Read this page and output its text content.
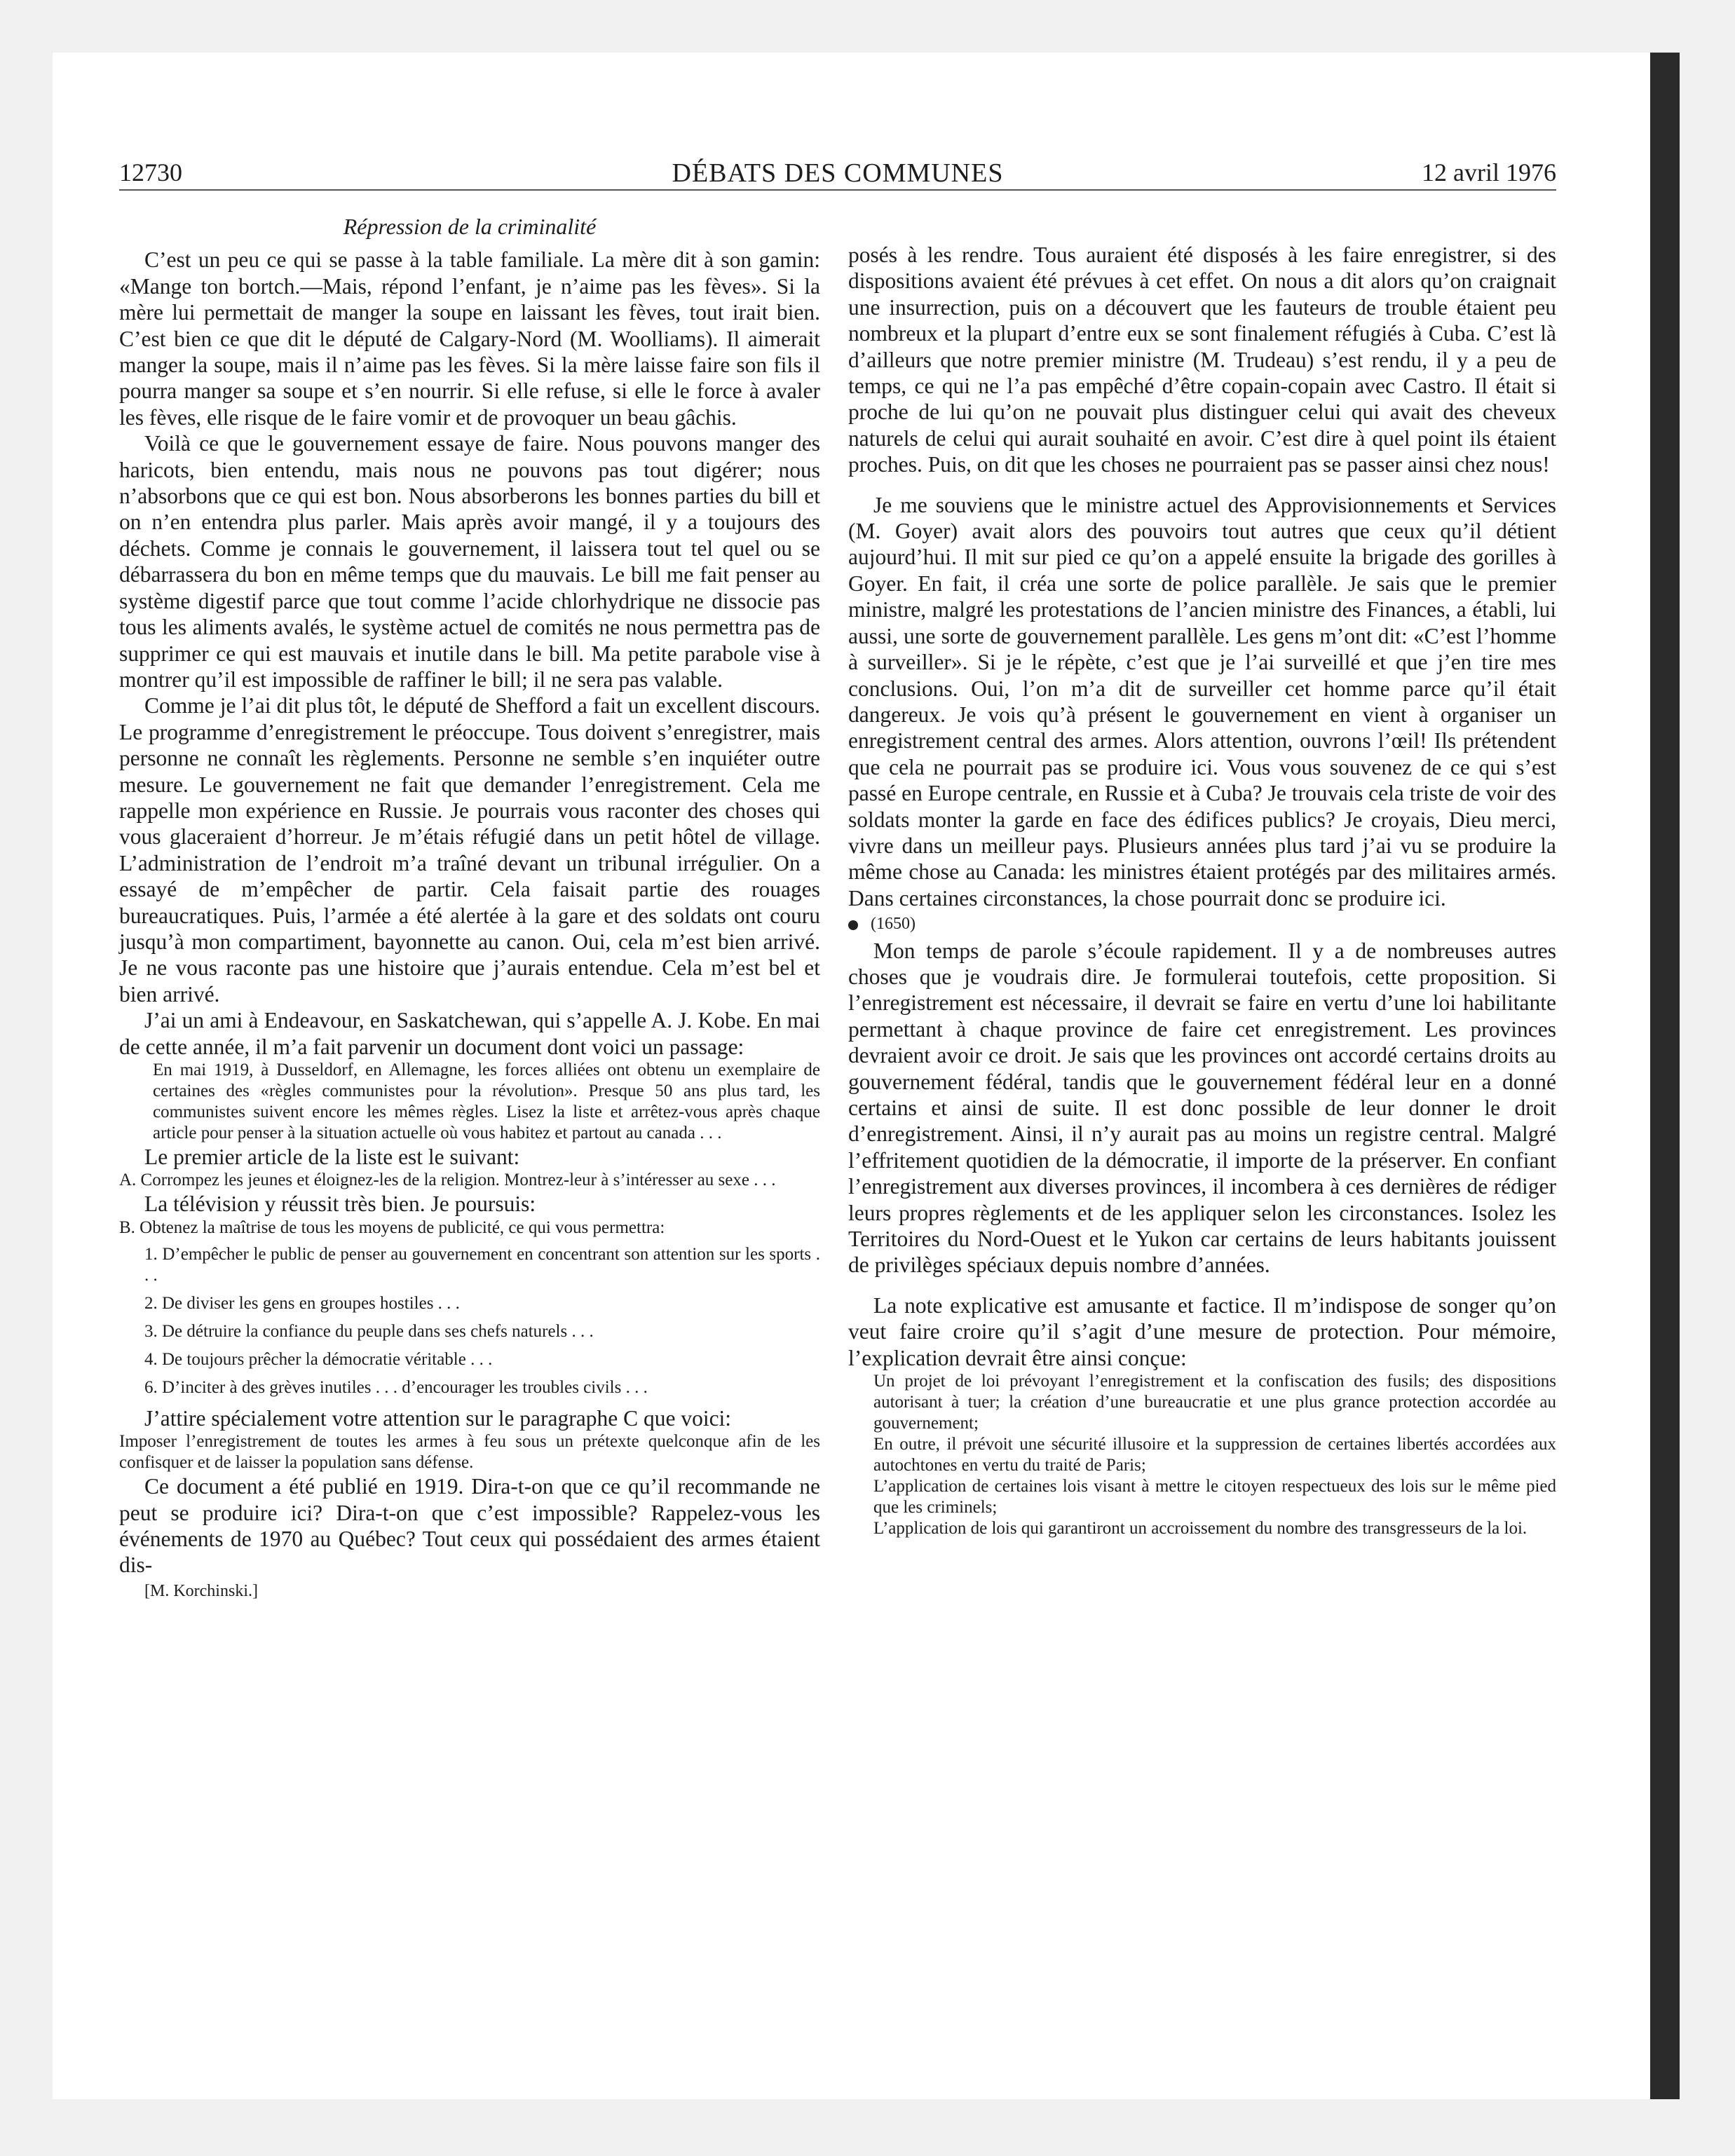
12730	DÉBATS DES COMMUNES	12 avril 1976
Répression de la criminalité

C’est un peu ce qui se passe à la table familiale. La mère dit à son gamin: «Mange ton bortch.—Mais, répond l’enfant, je n’aime pas les fèves». Si la mère lui permettait de manger la soupe en laissant les fèves, tout irait bien. C’est bien ce que dit le député de Calgary-Nord (M. Woolliams). Il aimerait manger la soupe, mais il n’aime pas les fèves. Si la mère laisse faire son fils il pourra manger sa soupe et s’en nourrir. Si elle refuse, si elle le force à avaler les fèves, elle risque de le faire vomir et de provoquer un beau gâchis.

Voilà ce que le gouvernement essaye de faire. Nous pouvons manger des haricots, bien entendu, mais nous ne pouvons pas tout digérer; nous n’absorbons que ce qui est bon. Nous absorberons les bonnes parties du bill et on n’en entendra plus parler. Mais après avoir mangé, il y a toujours des déchets. Comme je connais le gouvernement, il laissera tout tel quel ou se débarrassera du bon en même temps que du mauvais. Le bill me fait penser au système digestif parce que tout comme l’acide chlorhydrique ne dissocie pas tous les aliments avalés, le système actuel de comités ne nous permettra pas de supprimer ce qui est mauvais et inutile dans le bill. Ma petite parabole vise à montrer qu’il est impossible de raffiner le bill; il ne sera pas valable.

Comme je l’ai dit plus tôt, le député de Shefford a fait un excellent discours. Le programme d’enregistrement le préoccupe. Tous doivent s’enregistrer, mais personne ne connaît les règlements. Personne ne semble s’en inquiéter outre mesure. Le gouvernement ne fait que demander l’enregistrement. Cela me rappelle mon expérience en Russie. Je pourrais vous raconter des choses qui vous glaceraient d’horreur. Je m’étais réfugié dans un petit hôtel de village. L’administration de l’endroit m’a traîné devant un tribunal irrégulier. On a essayé de m’empêcher de partir. Cela faisait partie des rouages bureaucratiques. Puis, l’armée a été alertée à la gare et des soldats ont couru jusqu’à mon compartiment, bayonnette au canon. Oui, cela m’est bien arrivé. Je ne vous raconte pas une histoire que j’aurais entendue. Cela m’est bel et bien arrivé.

J’ai un ami à Endeavour, en Saskatchewan, qui s’appelle A. J. Kobe. En mai de cette année, il m’a fait parvenir un document dont voici un passage:

En mai 1919, à Dusseldorf, en Allemagne, les forces alliées ont obtenu un exemplaire de certaines des «règles communistes pour la révolution». Presque 50 ans plus tard, les communistes suivent encore les mêmes règles. Lisez la liste et arrêtez-vous après chaque article pour penser à la situation actuelle où vous habitez et partout au canada . . .

Le premier article de la liste est le suivant:

A. Corrompez les jeunes et éloignez-les de la religion. Montrez-leur à s’intéresser au sexe . . .

La télévision y réussit très bien. Je poursuis:

B. Obtenez la maîtrise de tous les moyens de publicité, ce qui vous permettra:

1. D’empêcher le public de penser au gouvernement en concentrant son attention sur les sports . . .

2. De diviser les gens en groupes hostiles . . .

3. De détruire la confiance du peuple dans ses chefs naturels . . .

4. De toujours prêcher la démocratie véritable . . .

6. D’inciter à des grèves inutiles . . . d’encourager les troubles civils . . .

J’attire spécialement votre attention sur le paragraphe C que voici:

Imposer l’enregistrement de toutes les armes à feu sous un prétexte quelconque afin de les confisquer et de laisser la population sans défense.

Ce document a été publié en 1919. Dira-t-on que ce qu’il recommande ne peut se produire ici? Dira-t-on que c’est impossible? Rappelez-vous les événements de 1970 au Québec? Tout ceux qui possédaient des armes étaient dis-

[M. Korchinski.]

posés à les rendre. Tous auraient été disposés à les faire enregistrer, si des dispositions avaient été prévues à cet effet. On nous a dit alors qu’on craignait une insurrection, puis on a découvert que les fauteurs de trouble étaient peu nombreux et la plupart d’entre eux se sont finalement réfugiés à Cuba. C’est là d’ailleurs que notre premier ministre (M. Trudeau) s’est rendu, il y a peu de temps, ce qui ne l’a pas empêché d’être copain-copain avec Castro. Il était si proche de lui qu’on ne pouvait plus distinguer celui qui avait des cheveux naturels de celui qui aurait souhaité en avoir. C’est dire à quel point ils étaient proches. Puis, on dit que les choses ne pourraient pas se passer ainsi chez nous!

Je me souviens que le ministre actuel des Approvisionnements et Services (M. Goyer) avait alors des pouvoirs tout autres que ceux qu’il détient aujourd’hui. Il mit sur pied ce qu’on a appelé ensuite la brigade des gorilles à Goyer. En fait, il créa une sorte de police parallèle. Je sais que le premier ministre, malgré les protestations de l’ancien ministre des Finances, a établi, lui aussi, une sorte de gouvernement parallèle. Les gens m’ont dit: «C’est l’homme à surveiller». Si je le répète, c’est que je l’ai surveillé et que j’en tire mes conclusions. Oui, l’on m’a dit de surveiller cet homme parce qu’il était dangereux. Je vois qu’à présent le gouvernement en vient à organiser un enregistrement central des armes. Alors attention, ouvrons l’œil! Ils prétendent que cela ne pourrait pas se produire ici. Vous vous souvenez de ce qui s’est passé en Europe centrale, en Russie et à Cuba? Je trouvais cela triste de voir des soldats monter la garde en face des édifices publics? Je croyais, Dieu merci, vivre dans un meilleur pays. Plusieurs années plus tard j’ai vu se produire la même chose au Canada: les ministres étaient protégés par des militaires armés. Dans certaines circonstances, la chose pourrait donc se produire ici.

(1650)

Mon temps de parole s’écoule rapidement. Il y a de nombreuses autres choses que je voudrais dire. Je formulerai toutefois, cette proposition. Si l’enregistrement est nécessaire, il devrait se faire en vertu d’une loi habilitante permettant à chaque province de faire cet enregistrement. Les provinces devraient avoir ce droit. Je sais que les provinces ont accordé certains droits au gouvernement fédéral, tandis que le gouvernement fédéral leur en a donné certains et ainsi de suite. Il est donc possible de leur donner le droit d’enregistrement. Ainsi, il n’y aurait pas au moins un registre central. Malgré l’effritement quotidien de la démocratie, il importe de la préserver. En confiant l’enregistrement aux diverses provinces, il incombera à ces dernières de rédiger leurs propres règlements et de les appliquer selon les circonstances. Isolez les Territoires du Nord-Ouest et le Yukon car certains de leurs habitants jouissent de privilèges spéciaux depuis nombre d’années.

La note explicative est amusante et factice. Il m’indispose de songer qu’on veut faire croire qu’il s’agit d’une mesure de protection. Pour mémoire, l’explication devrait être ainsi conçue:

Un projet de loi prévoyant l’enregistrement et la confiscation des fusils; des dispositions autorisant à tuer; la création d’une bureaucratie et une plus grance protection accordée au gouvernement;

En outre, il prévoit une sécurité illusoire et la suppression de certaines libertés accordées aux autochtones en vertu du traité de Paris;

L’application de certaines lois visant à mettre le citoyen respectueux des lois sur le même pied que les criminels;

L’application de lois qui garantiront un accroissement du nombre des transgresseurs de la loi.
